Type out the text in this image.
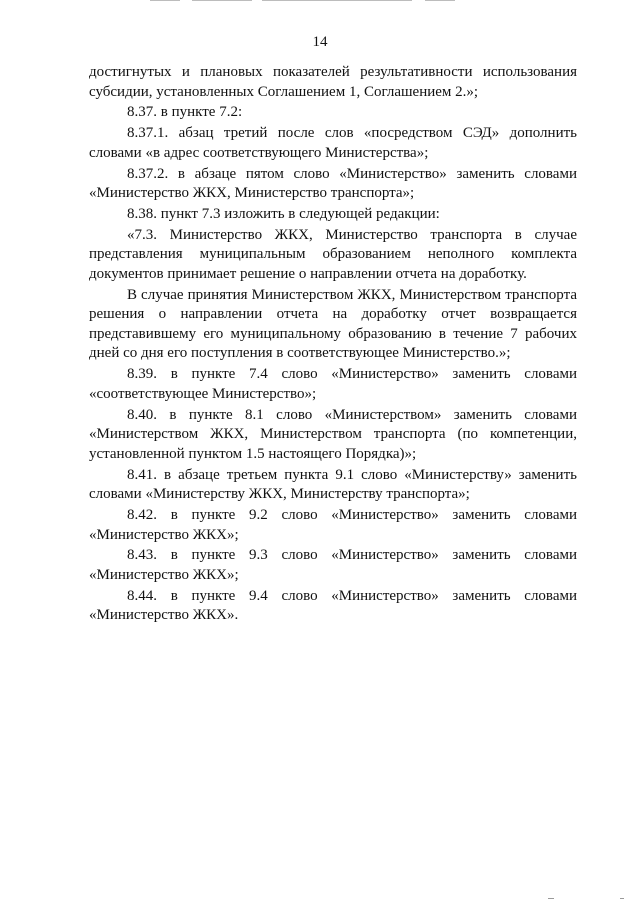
14

достигнутых и плановых показателей результативности использования субсидии, установленных Соглашением 1, Соглашением 2.»;

8.37. в пункте 7.2:

8.37.1. абзац третий после слов «посредством СЭД» дополнить словами «в адрес соответствующего Министерства»;

8.37.2. в абзаце пятом слово «Министерство» заменить словами «Министерство ЖКХ, Министерство транспорта»;

8.38. пункт 7.3 изложить в следующей редакции:

«7.3. Министерство ЖКХ, Министерство транспорта в случае представления муниципальным образованием неполного комплекта документов принимает решение о направлении отчета на доработку.

В случае принятия Министерством ЖКХ, Министерством транспорта решения о направлении отчета на доработку отчет возвращается представившему его муниципальному образованию в течение 7 рабочих дней со дня его поступления в соответствующее Министерство.»;

8.39. в пункте 7.4 слово «Министерство» заменить словами «соответствующее Министерство»;

8.40. в пункте 8.1 слово «Министерством» заменить словами «Министерством ЖКХ, Министерством транспорта (по компетенции, установленной пунктом 1.5 настоящего Порядка)»;

8.41. в абзаце третьем пункта 9.1 слово «Министерству» заменить словами «Министерству ЖКХ, Министерству транспорта»;

8.42. в пункте 9.2 слово «Министерство» заменить словами «Министерство ЖКХ»;

8.43. в пункте 9.3 слово «Министерство» заменить словами «Министерство ЖКХ»;

8.44. в пункте 9.4 слово «Министерство» заменить словами «Министерство ЖКХ».
